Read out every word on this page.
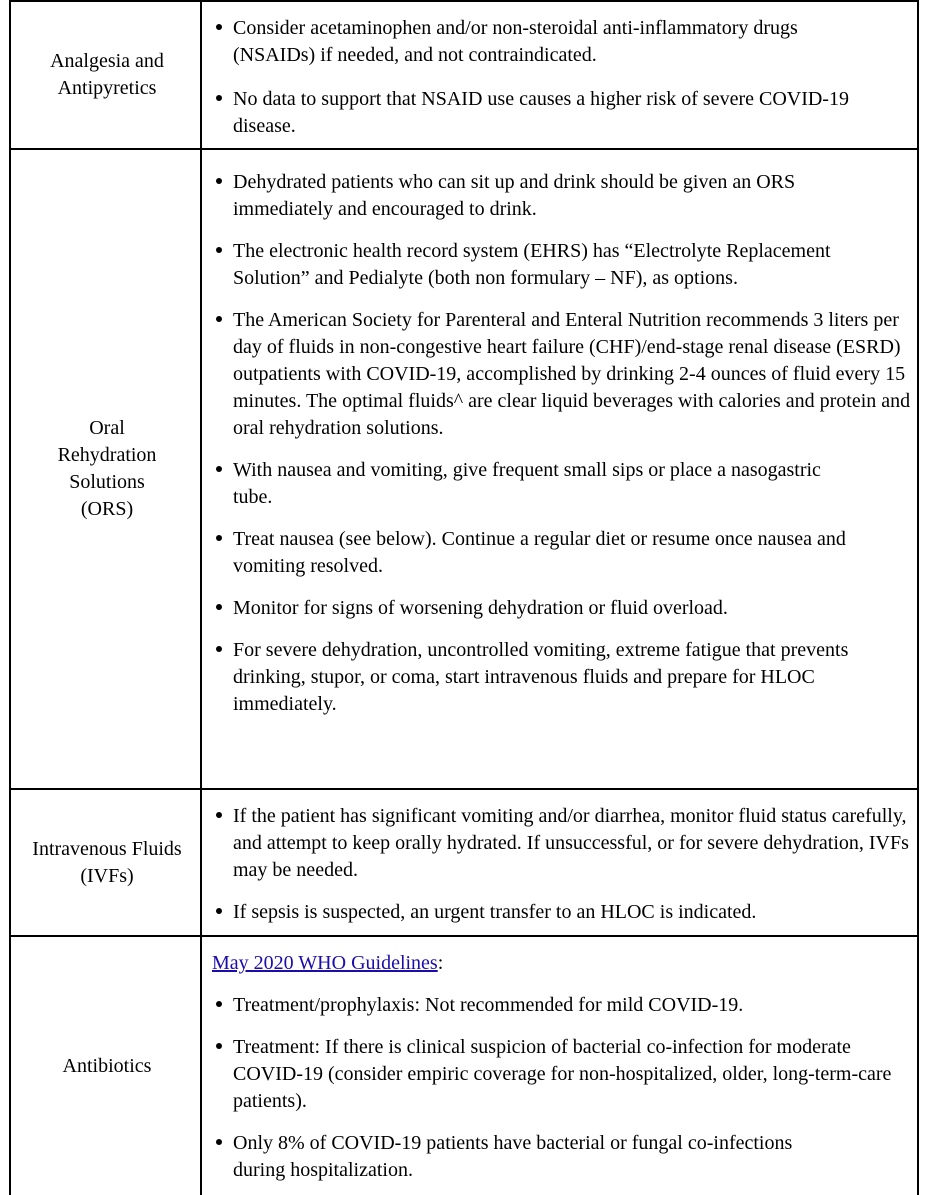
Analgesia and Antipyretics

Consider acetaminophen and/or non-steroidal anti-inflammatory drugs (NSAIDs) if needed, and not contraindicated.

No data to support that NSAID use causes a higher risk of severe COVID-19 disease.

Oral Rehydration Solutions (ORS)

Dehydrated patients who can sit up and drink should be given an ORS immediately and encouraged to drink.

The electronic health record system (EHRS) has “Electrolyte Replacement Solution” and Pedialyte (both non formulary – NF), as options.

The American Society for Parenteral and Enteral Nutrition recommends 3 liters per day of fluids in non-congestive heart failure (CHF)/end-stage renal disease (ESRD) outpatients with COVID-19, accomplished by drinking 2-4 ounces of fluid every 15 minutes. The optimal fluids^ are clear liquid beverages with calories and protein and oral rehydration solutions.

With nausea and vomiting, give frequent small sips or place a nasogastric tube.

Treat nausea (see below). Continue a regular diet or resume once nausea and vomiting resolved.

Monitor for signs of worsening dehydration or fluid overload.

For severe dehydration, uncontrolled vomiting, extreme fatigue that prevents drinking, stupor, or coma, start intravenous fluids and prepare for HLOC immediately.

Intravenous Fluids (IVFs)

If the patient has significant vomiting and/or diarrhea, monitor fluid status carefully, and attempt to keep orally hydrated. If unsuccessful, or for severe dehydration, IVFs may be needed.

If sepsis is suspected, an urgent transfer to an HLOC is indicated.

Antibiotics

May 2020 WHO Guidelines:

Treatment/prophylaxis: Not recommended for mild COVID-19.

Treatment: If there is clinical suspicion of bacterial co-infection for moderate COVID-19 (consider empiric coverage for non-hospitalized, older, long-term-care patients).

Only 8% of COVID-19 patients have bacterial or fungal co-infections during hospitalization.
